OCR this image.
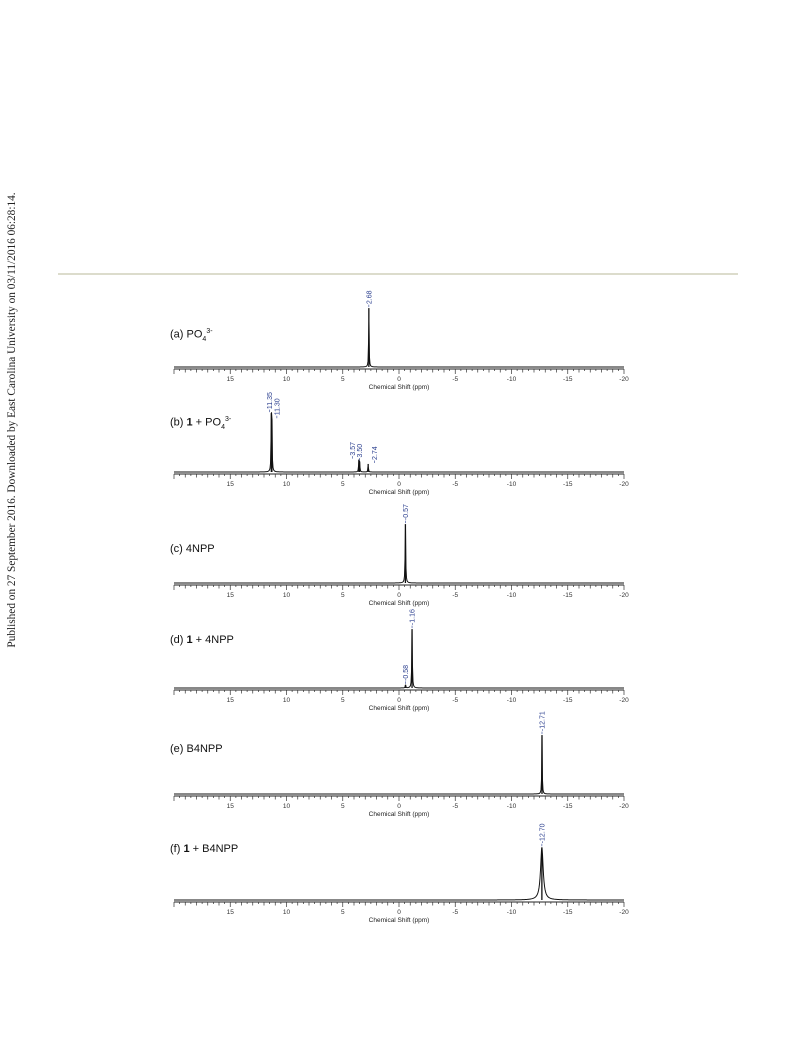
Published on 27 September 2016. Downloaded by East Carolina University on 03/11/2016 06:28:14.	15	10	5	0	-5	-10	-15	-20
Chemical Shift (ppm)
2.68
15	10	5	0	-5	-10	-15	-20
Chemical Shift (ppm)
11.35 11.30
3.57 3.50 2.74
15	10	5	0	-5	-10	-15	-20
Chemical Shift (ppm)
-0.57
15	10	5	0	-5	-10	-15	-20
Chemical Shift (ppm)
-0.58
-1.16
15	10	5	0	-5	-10	-15	-20
Chemical Shift (ppm)
-12.71
15	10	5	0	-5	-10	-15	-20
Chemical Shift (ppm)
-12.70
(a) $PO_4^{3-}$
(b) $1 + PO_4^{3-}$
(c) 4NPP
(d) 1 + 4NPP
(e) B4NPP
(f) 1 + B4NPP
